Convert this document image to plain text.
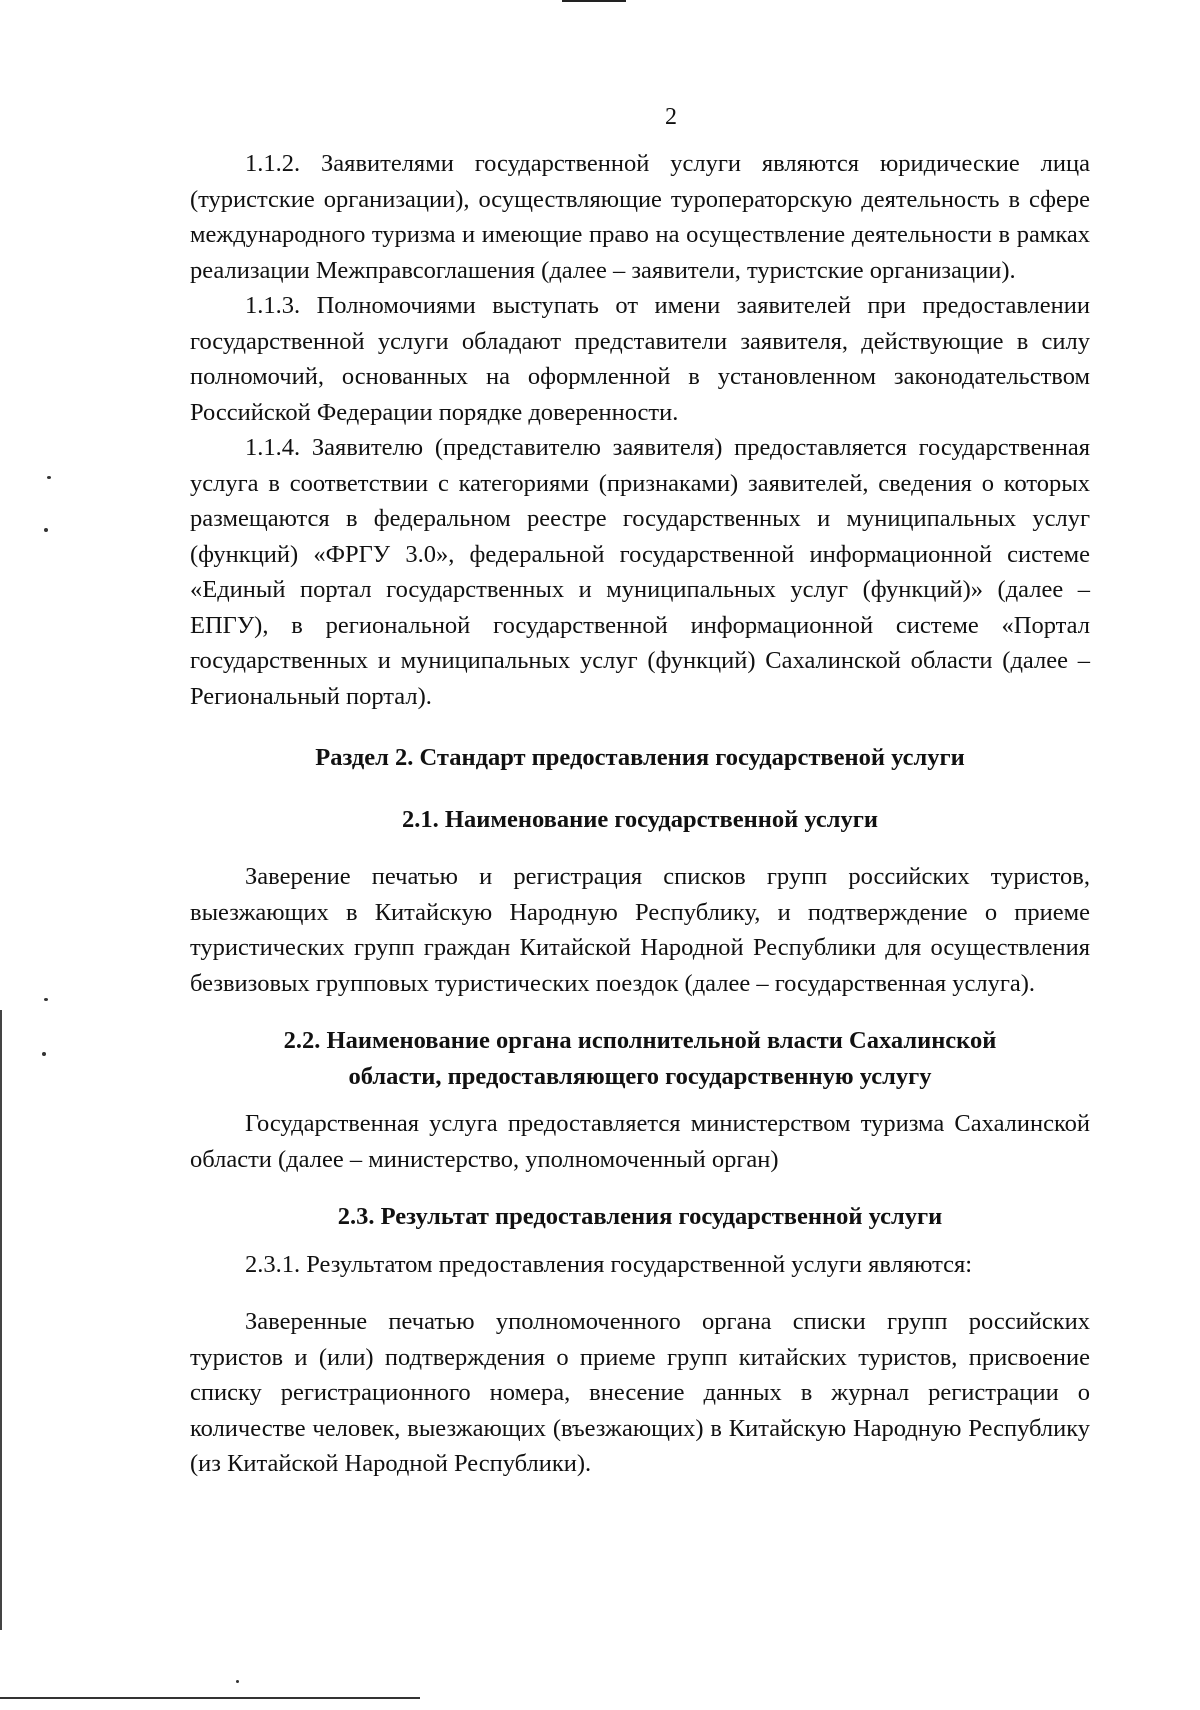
2

1.1.2. Заявителями государственной услуги являются юридические лица (туристские организации), осуществляющие туроператорскую деятельность в сфере международного туризма и имеющие право на осуществление деятельности в рамках реализации Межправсоглашения (далее – заявители, туристские организации).

1.1.3. Полномочиями выступать от имени заявителей при предоставлении государственной услуги обладают представители заявителя, действующие в силу полномочий, основанных на оформленной в установленном законодательством Российской Федерации порядке доверенности.

1.1.4. Заявителю (представителю заявителя) предоставляется государственная услуга в соответствии с категориями (признаками) заявителей, сведения о которых размещаются в федеральном реестре государственных и муниципальных услуг (функций) «ФРГУ 3.0», федеральной государственной информационной системе «Единый портал государственных и муниципальных услуг (функций)» (далее – ЕПГУ), в региональной государственной информационной системе «Портал государственных и муниципальных услуг (функций) Сахалинской области (далее – Региональный портал).

Раздел 2. Стандарт предоставления государственой услуги

2.1. Наименование государственной услуги

Заверение печатью и регистрация списков групп российских туристов, выезжающих в Китайскую Народную Республику, и подтверждение о приеме туристических групп граждан Китайской Народной Республики для осуществления безвизовых групповых туристических поездок (далее – государственная услуга).

2.2. Наименование органа исполнительной власти Сахалинской

области, предоставляющего государственную услугу

Государственная услуга предоставляется министерством туризма Сахалинской области (далее – министерство, уполномоченный орган)

2.3. Результат предоставления государственной услуги

2.3.1. Результатом предоставления государственной услуги являются:

Заверенные печатью уполномоченного органа списки групп российских туристов и (или) подтверждения о приеме групп китайских туристов, присвоение списку регистрационного номера, внесение данных в журнал регистрации о количестве человек, выезжающих (въезжающих) в Китайскую Народную Республику (из Китайской Народной Республики).
